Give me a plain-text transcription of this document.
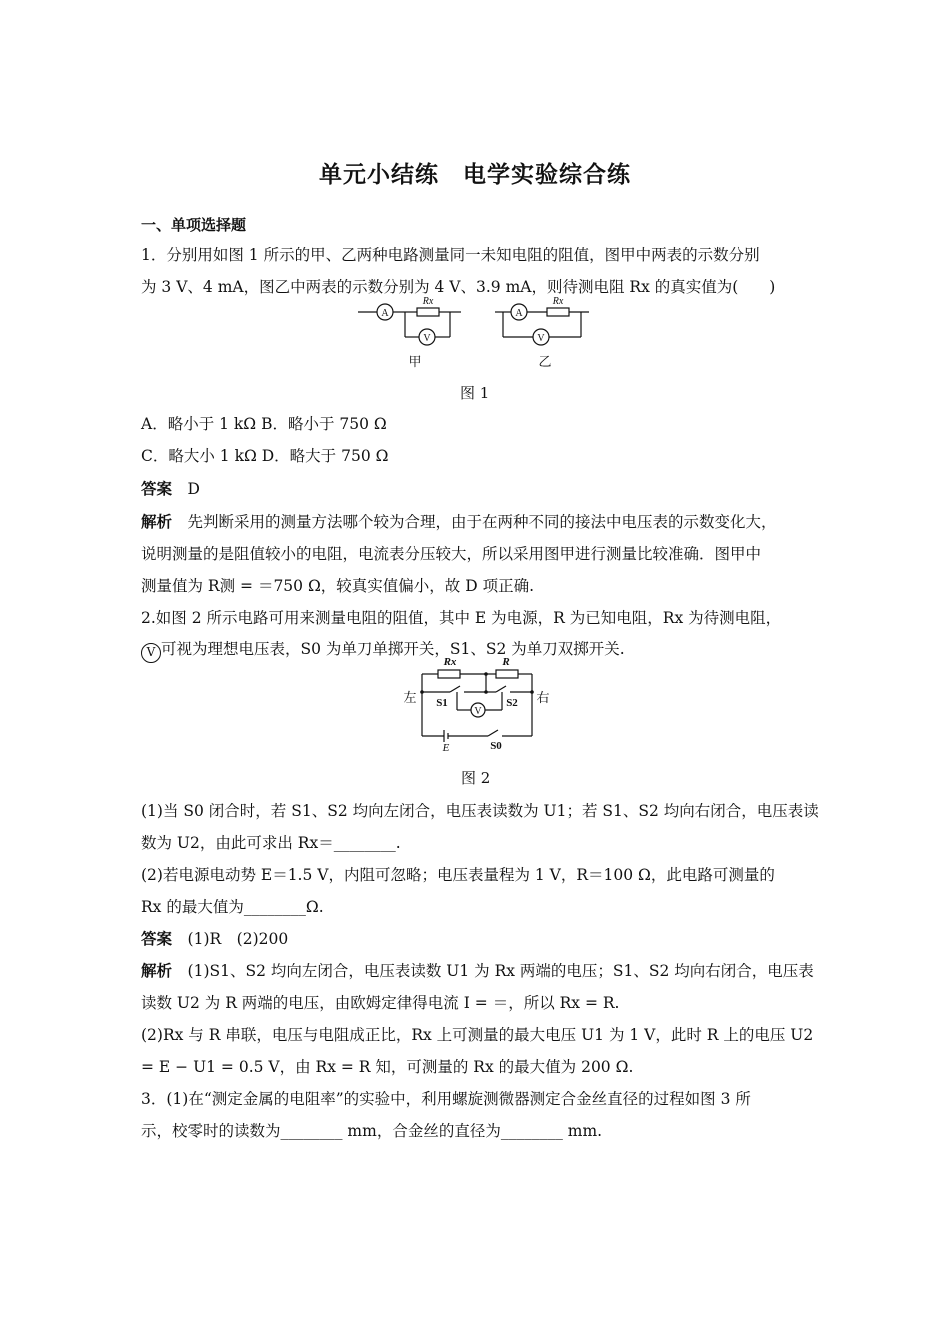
单元小结练　电学实验综合练
一、单项选择题
1．分别用如图 1 所示的甲、乙两种电路测量同一未知电阻的阻值，图甲中两表的示数分别
为 3 V、4 mA，图乙中两表的示数分别为 4 V、3.9 mA，则待测电阻 Rx 的真实值为(　　)
A
V
Rx
A
V
Rx
甲	乙
图 1
A．略小于 1 kΩ B．略小于 750 Ω
C．略大小 1 kΩ D．略大于 750 Ω
答案　 D
解析　 先判断采用的测量方法哪个较为合理，由于在两种不同的接法中电压表的示数变化大，
说明测量的是阻值较小的电阻，电流表分压较大，所以采用图甲进行测量比较准确．图甲中
测量值为 R测 = ＝750 Ω，较真实值偏小，故 D 项正确.
2.如图 2 所示电路可用来测量电阻的阻值，其中 E 为电源，R 为已知电阻，Rx 为待测电阻，
V 可视为理想电压表，S0 为单刀单掷开关，S1、S2 为单刀双掷开关.
左	右
Rx	R
S1	S2
V
E	S0
图 2
(1)当 S0 闭合时，若 S1、S2 均向左闭合，电压表读数为 U1；若 S1、S2 均向右闭合，电压表读
数为 U2，由此可求出 Rx＝________.
(2)若电源电动势 E＝1.5 V，内阻可忽略；电压表量程为 1 V，R＝100 Ω，此电路可测量的
Rx 的最大值为________Ω.
答案　 (1)R　(2)200
解析　 (1)S1、S2 均向左闭合，电压表读数 U1 为 Rx 两端的电压；S1、S2 均向右闭合，电压表
读数 U2 为 R 两端的电压，由欧姆定律得电流 I = ＝，所以 Rx = R.
(2)Rx 与 R 串联，电压与电阻成正比，Rx 上可测量的最大电压 U1 为 1 V，此时 R 上的电压 U2
= E − U1 = 0.5 V，由 Rx = R 知，可测量的 Rx 的最大值为 200 Ω.
3．(1)在“测定金属的电阻率”的实验中，利用螺旋测微器测定合金丝直径的过程如图 3 所
示，校零时的读数为________ mm，合金丝的直径为________ mm.
